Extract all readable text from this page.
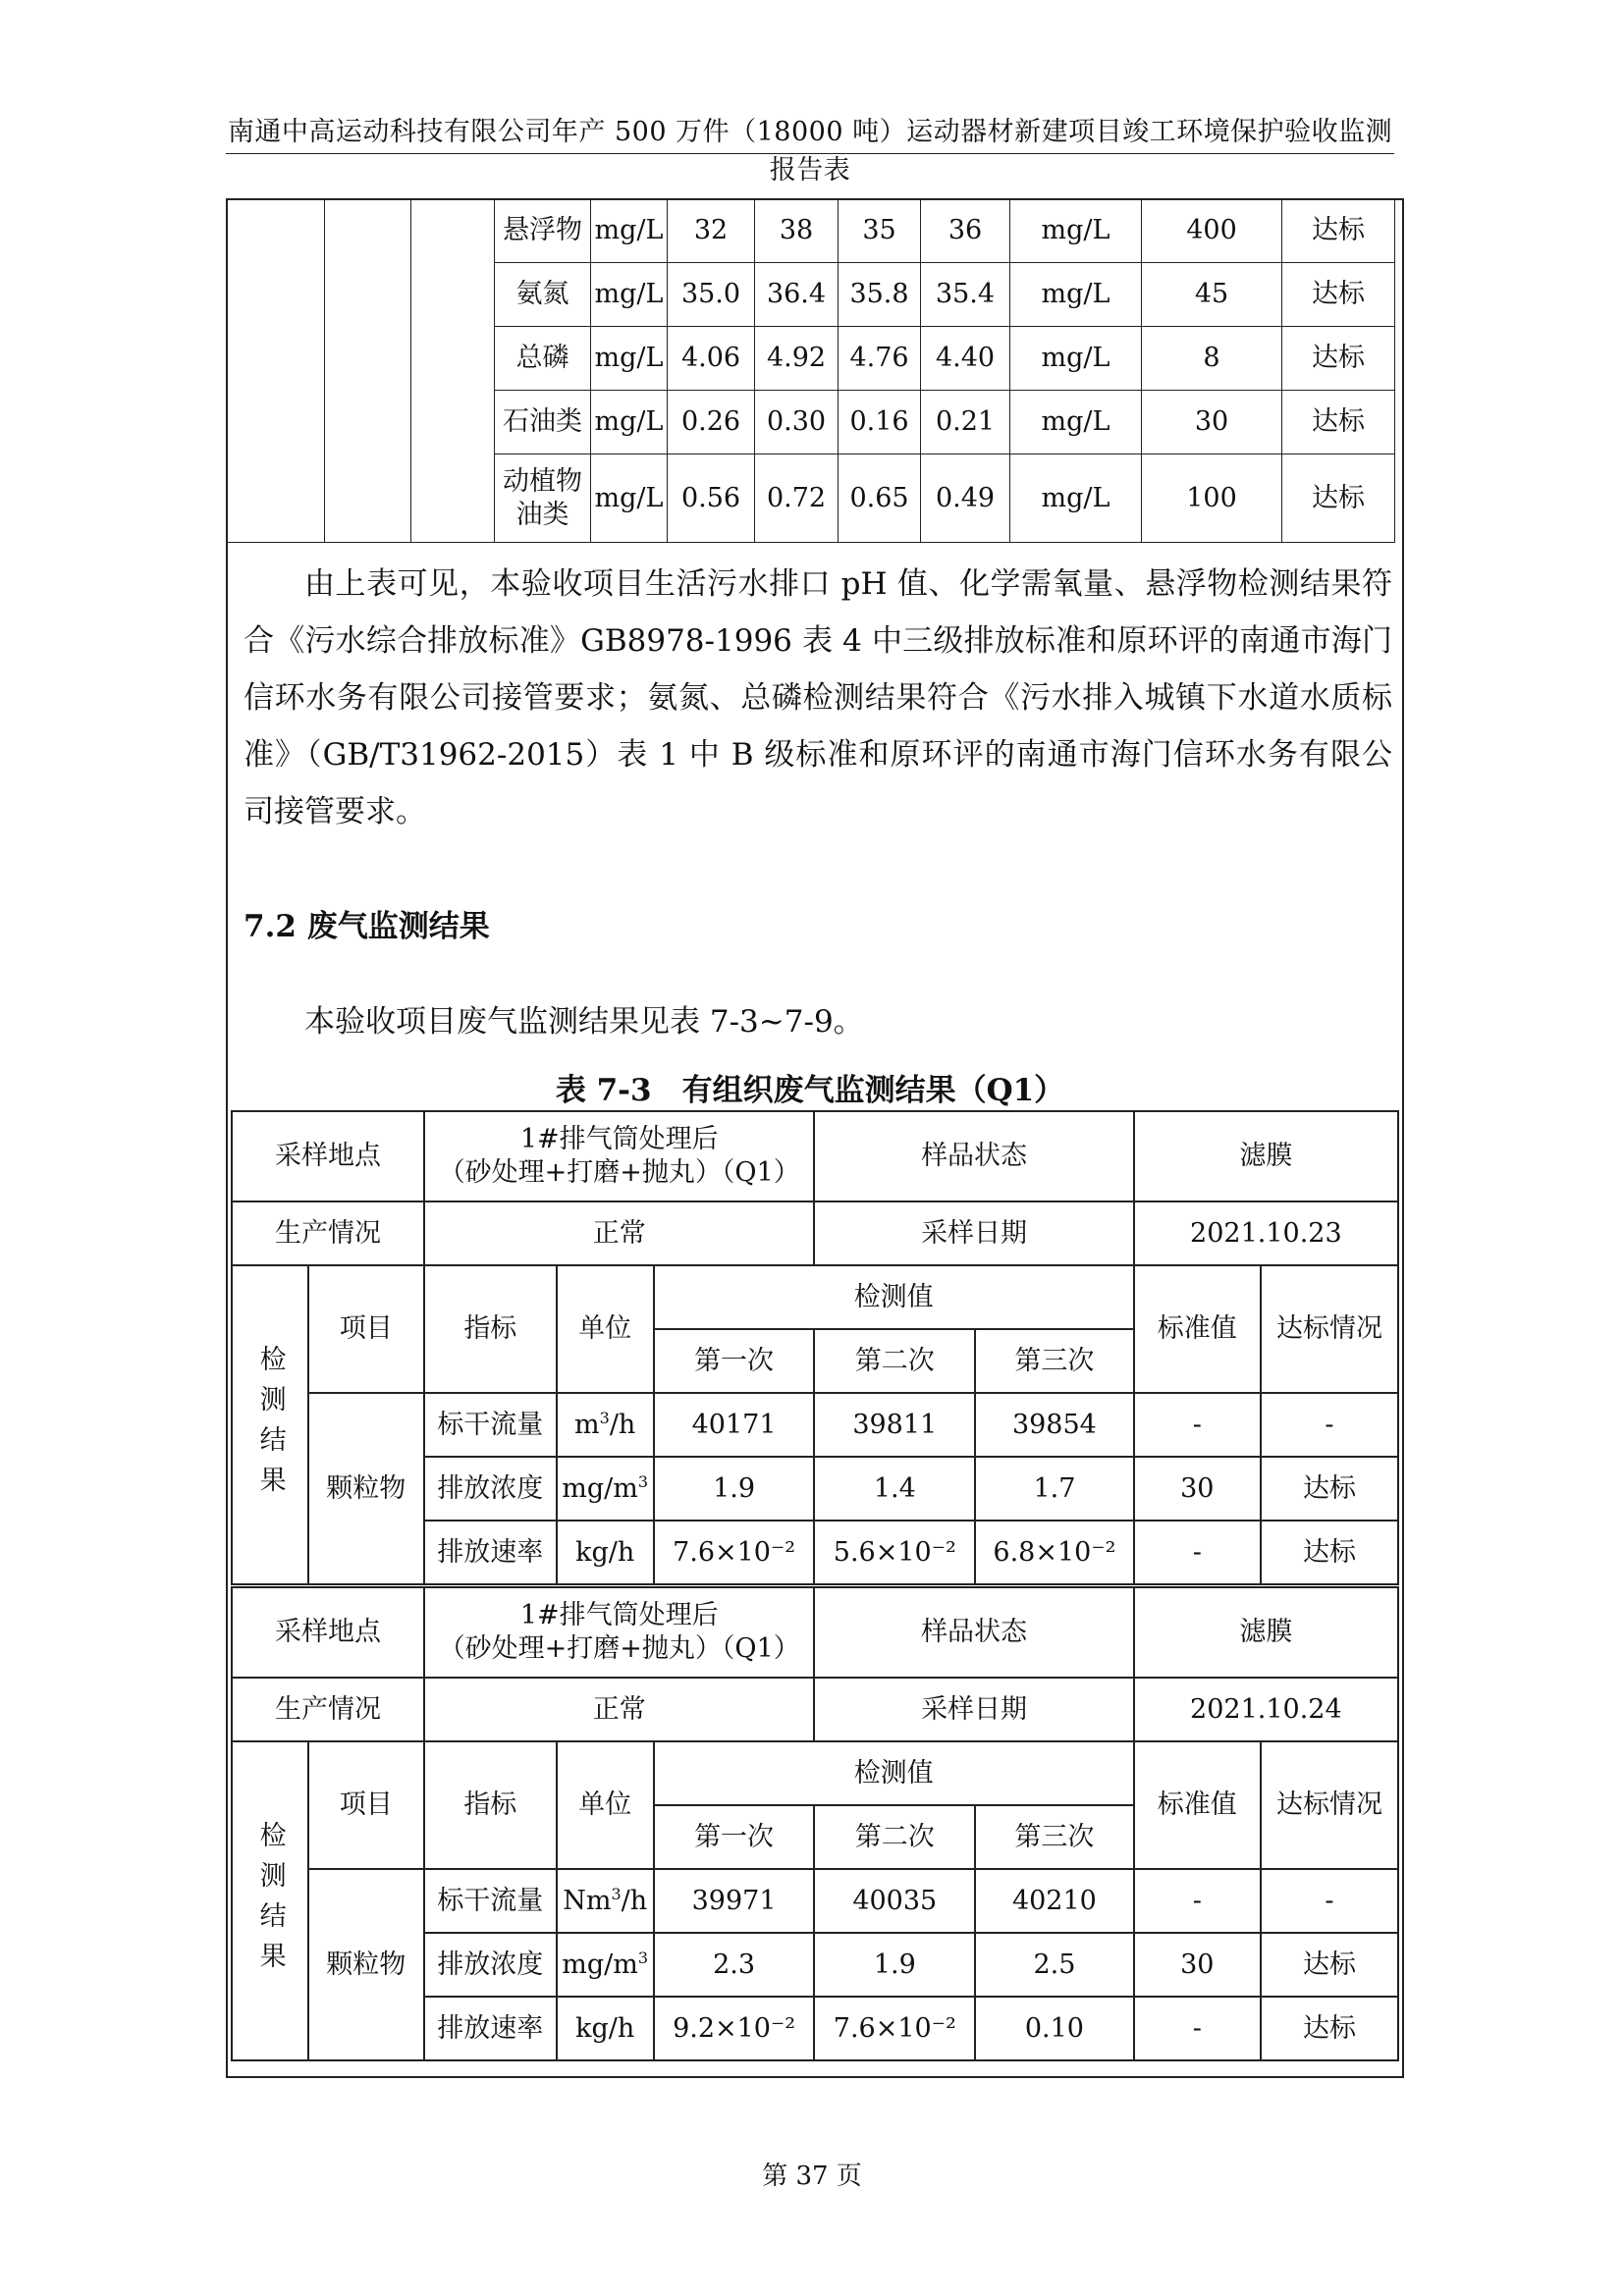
南通中高运动科技有限公司年产 500 万件（18000 吨）运动器材新建项目竣工环境保护验收监测报告表
			悬浮物	mg/L	32	38	35	36	mg/L	400	达标
			氨氮	mg/L	35.0	36.4	35.8	35.4	mg/L	45	达标
			总磷	mg/L	4.06	4.92	4.76	4.40	mg/L	8	达标
			石油类	mg/L	0.26	0.30	0.16	0.21	mg/L	30	达标
			动植物油类	mg/L	0.56	0.72	0.65	0.49	mg/L	100	达标
由上表可见，本验收项目生活污水排口 pH 值、化学需氧量、悬浮物检测结果符合《污水综合排放标准》GB8978-1996 表 4 中三级排放标准和原环评的南通市海门信环水务有限公司接管要求；氨氮、总磷检测结果符合《污水排入城镇下水道水质标准》（GB/T31962-2015）表 1 中 B 级标准和原环评的南通市海门信环水务有限公司接管要求。
7.2 废气监测结果
本验收项目废气监测结果见表 7-3~7-9。
表 7-3　有组织废气监测结果（Q1）
采样地点		1#排气筒处理后
（砂处理+打磨+抛丸）（Q1）			样品状态		滤膜	
生产情况		正常			采样日期		2021.10.23	

检测结果	项目	指标	单位	检测值			标准值	达标情况
				第一次	第二次	第三次		
	颗粒物	标干流量	$m^3/h$	40171	39811	39854	-	-
		排放浓度	$mg/m^3$	1.9	1.4	1.7	30	达标
		排放速率	kg/h	7.6×10⁻²	5.6×10⁻²	6.8×10⁻²	-	达标
采样地点		1#排气筒处理后
（砂处理+打磨+抛丸）（Q1）			样品状态		滤膜	
生产情况		正常			采样日期		2021.10.24	

检测结果	项目	指标	单位	检测值			标准值	达标情况
				第一次	第二次	第三次		
	颗粒物	标干流量	Nm$^3$/h	39971	40035	40210	-	-
		排放浓度	$mg/m^3$	2.3	1.9	2.5	30	达标
		排放速率	kg/h	9.2×10⁻²	7.6×10⁻²	0.10	-	达标
第 37 页
